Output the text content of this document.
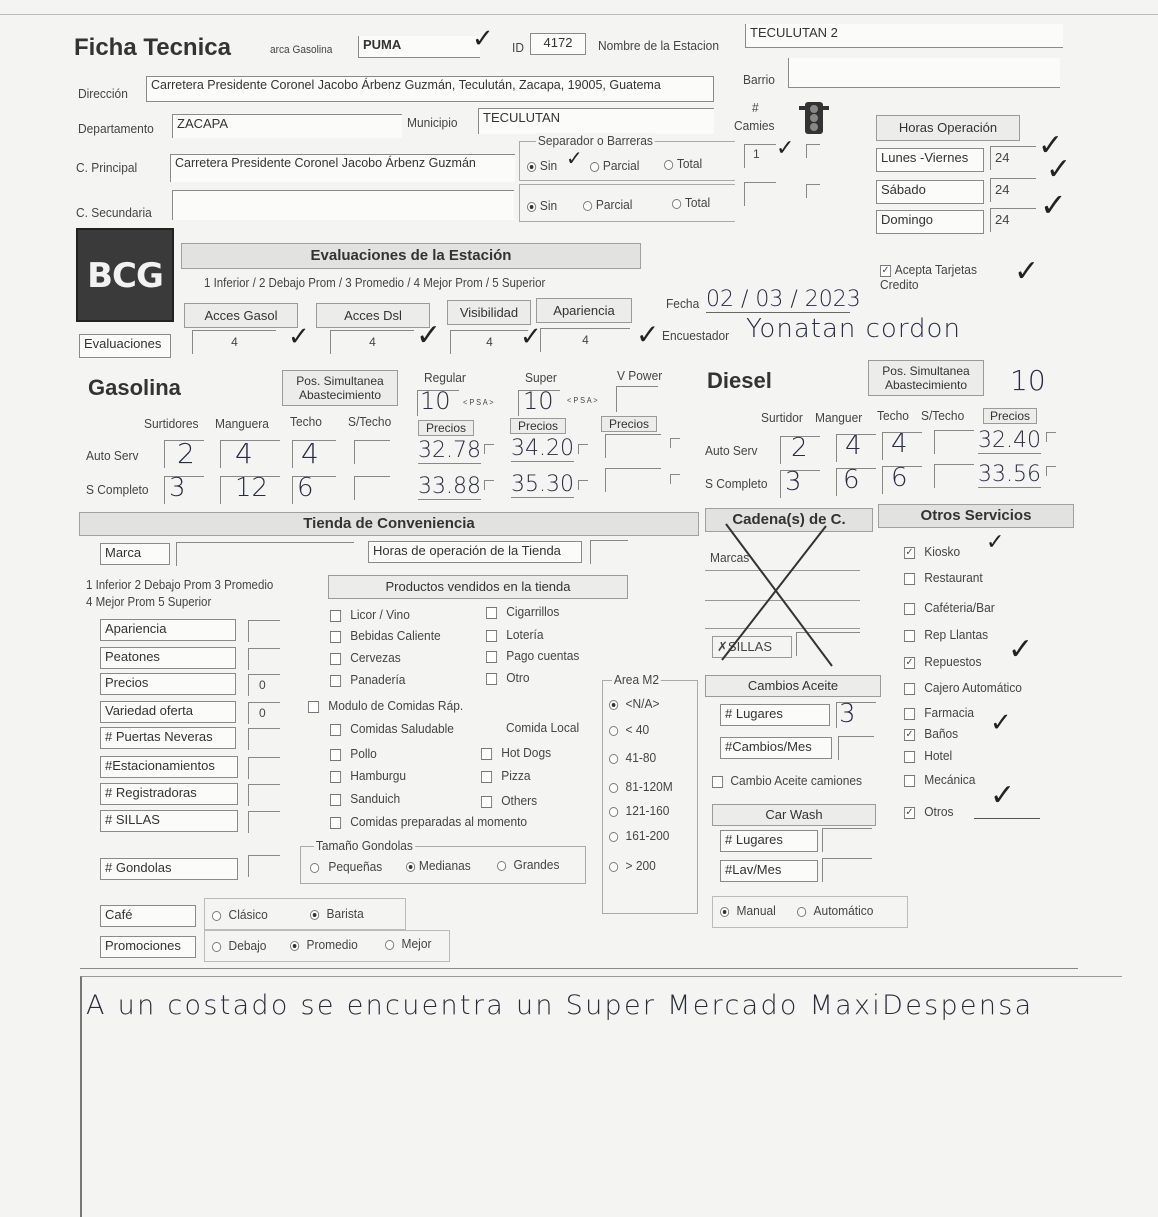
Ficha Tecnica	arca Gasolina	PUMA	✓ ID	4172	Nombre de la Estacion
TECULUTAN 2
Dirección
Carretera Presidente Coronel Jacobo Árbenz Guzmán, Teculután, Zacapa, 19005, Guatema	Barrio
Departamento	ZACAPA	Municipio	TECULUTAN
C. Principal	Carretera Presidente Coronel Jacobo Árbenz Guzmán
C. Secundaria
Separador o Barreras
Sin ✓	Parcial	Total
Sin	Parcial	Total
#
Camies
1 ✓
Horas Operación
Lunes -Viernes	24 ✓
Sábado	24
✓
Domingo	24 ✓
BCG
Evaluaciones de la Estación
1 Inferior / 2 Debajo Prom / 3 Promedio / 4 Mejor Prom / 5 Superior
Acces Gasol	Acces Dsl	Visibilidad	Apariencia
Evaluaciones	4	✓	4	✓	4	✓	4	✓
✓ Acepta Tarjetas Credito	✓
Fecha 02 / 03 / 2023
Encuestador Yonatan cordon
Gasolina	Pos. Simultanea Abastecimiento
Regular	Super	V Power
10 < P S A > 10 < P S A >
Surtidores Manguera Techo S/Techo	Precios	Precios	Precios
Auto Serv 2 4 4	32.78 34.20
S Completo 3 12 6	33.88 35.30
Diesel	Pos. Simultanea Abastecimiento	10
Surtidor Manguer Techo S/Techo	Precios
Auto Serv 2 4 4	32.40
S Completo 3 6 6	33.56
Tienda de Conveniencia	Cadena(s) de C.	Otros Servicios
Marca	Horas de operación de la Tienda
1 Inferior 2 Debajo Prom 3 Promedio
4 Mejor Prom 5 Superior
Productos vendidos en la tienda
Apariencia
Peatones
Precios	0
Variedad oferta	0
# Puertas Neveras
#Estacionamientos
# Registradoras
# SILLAS
# Gondolas
Licor / Vino
Bebidas Caliente
Cervezas
Panadería
Cigarrillos
Lotería
Pago cuentas
Otro
Modulo de Comidas Ráp.
Comidas Saludable	Comida Local
Pollo	Hot Dogs
Hamburgu	Pizza
Sanduich	Others
Comidas preparadas al momento
Tamaño Gondolas
Pequeñas	Medianas	Grandes
Area M2
<N/A>
< 40
41-80
81-120M
121-160
161-200
> 200
Café	Clásico	Barista
Promociones	Debajo	Promedio	Mejor
Marcas
✗SILLAS
Cambios Aceite
# Lugares	3
#Cambios/Mes
Cambio Aceite camiones
Car Wash
# Lugares
#Lav/Mes
Manual	Automático
✓ Kiosko ✓
Restaurant
Caféteria/Bar
Rep Llantas
✓ Repuestos ✓
Cajero Automático
Farmacia
✓ Baños ✓
Hotel
Mecánica
✓ Otros ✓
A un costado se encuentra un Super Mercado MaxiDespensa
